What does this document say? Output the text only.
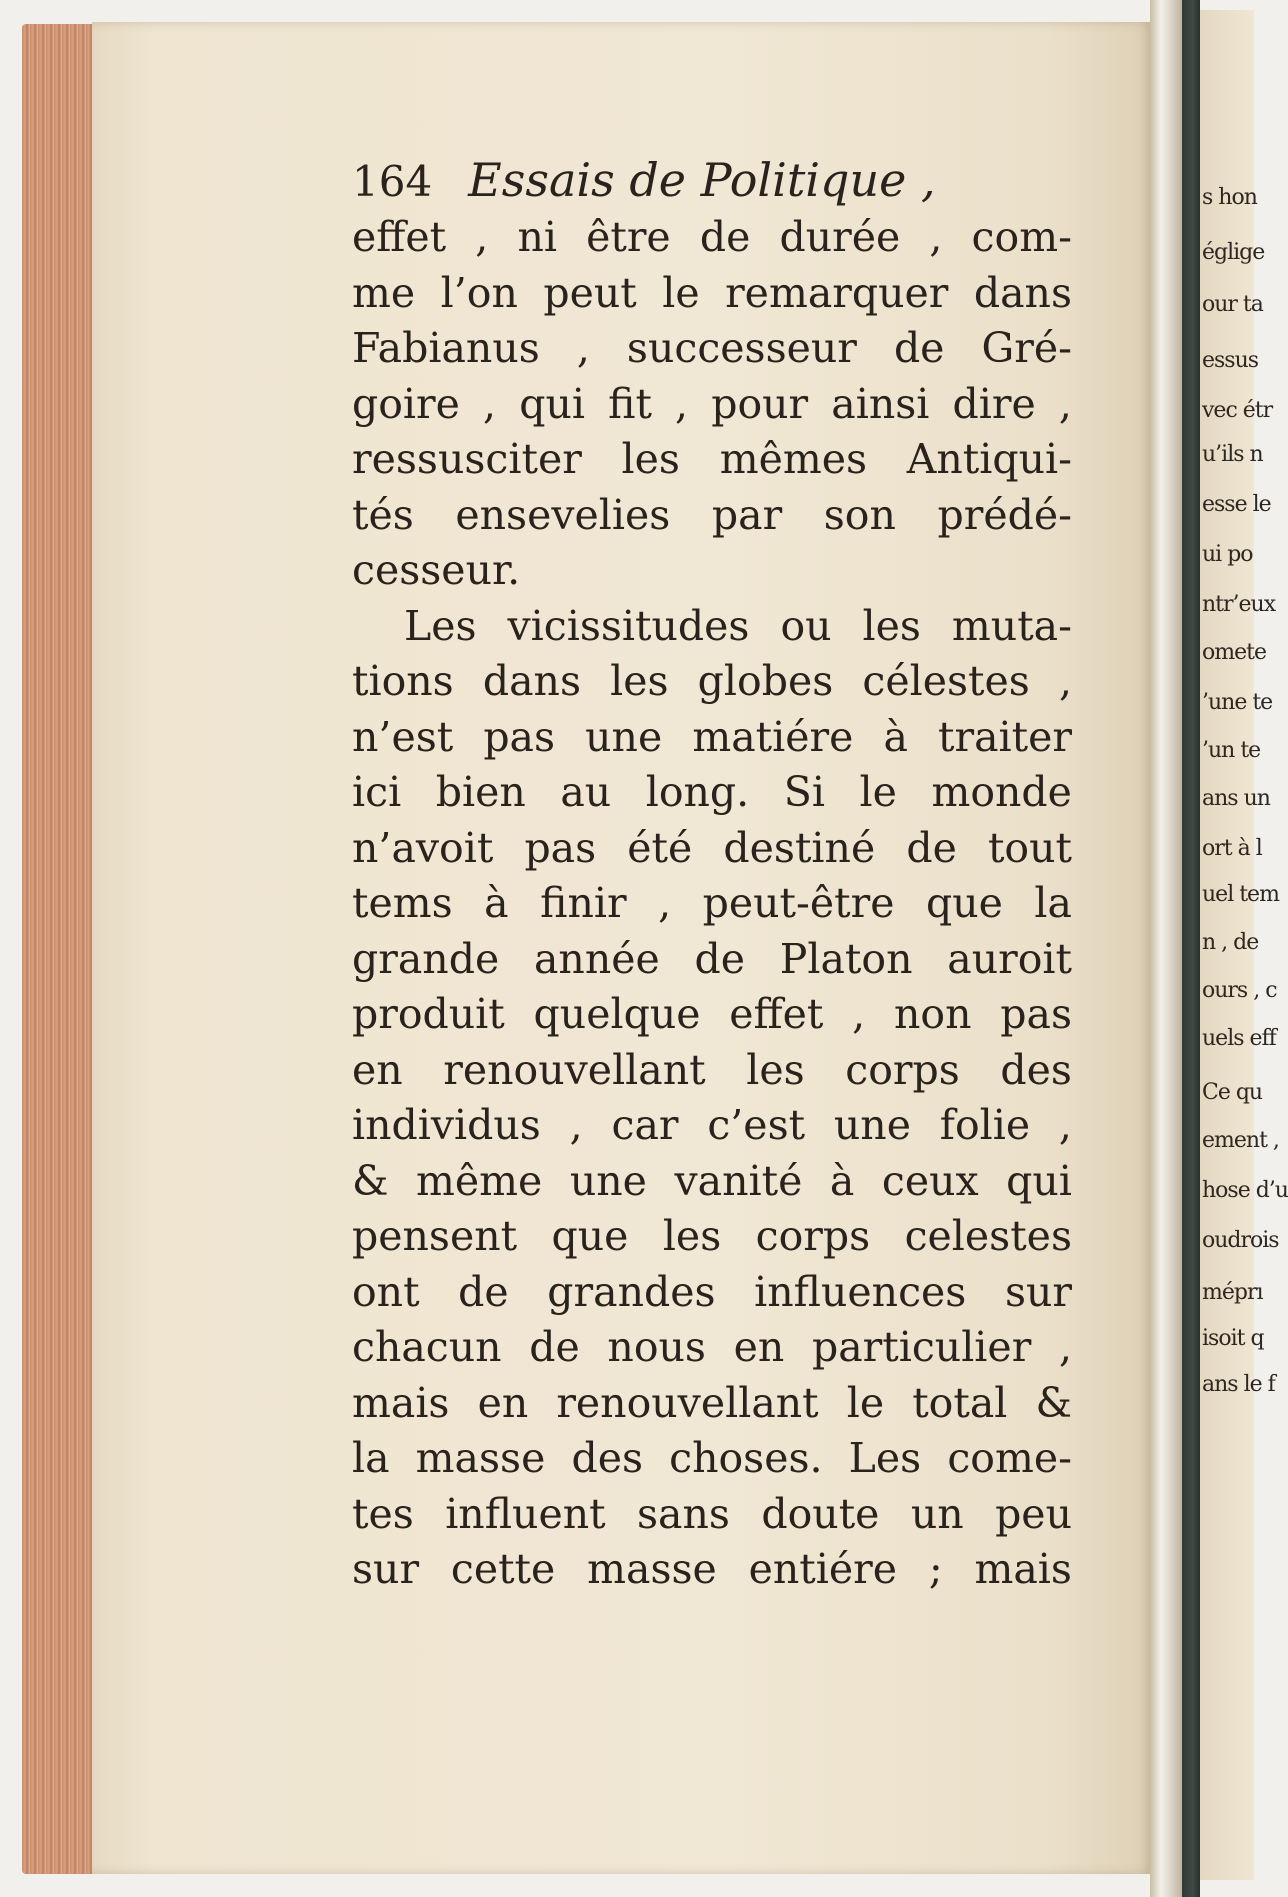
164 Essais de Politique ,
effet , ni être de durée , com-
me l’on peut le remarquer dans
Fabianus , successeur de Gré-
goire , qui fit , pour ainsi dire ,
ressusciter les mêmes Antiqui-
tés ensevelies par son prédé-
cesseur.
Les vicissitudes ou les muta-
tions dans les globes célestes ,
n’est pas une matiére à traiter
ici bien au long. Si le monde
n’avoit pas été destiné de tout
tems à finir , peut-être que la
grande année de Platon auroit
produit quelque effet , non pas
en renouvellant les corps des
individus , car c’est une folie ,
& même une vanité à ceux qui
pensent que les corps celestes
ont de grandes influences sur
chacun de nous en particulier ,
mais en renouvellant le total &
la masse des choses. Les come-
tes influent sans doute un peu
sur cette masse entiére ; mais
s hon
églige
our ta
essus
vec étr
u’ils n
esse le
ui po
ntr’eux
omete
’une te
’un te
ans un
ort à l
uel tem
n , de
ours , c
uels eff
Ce qu
ement ,
hose d’u
oudrois
méprı
isoit q
ans le f
